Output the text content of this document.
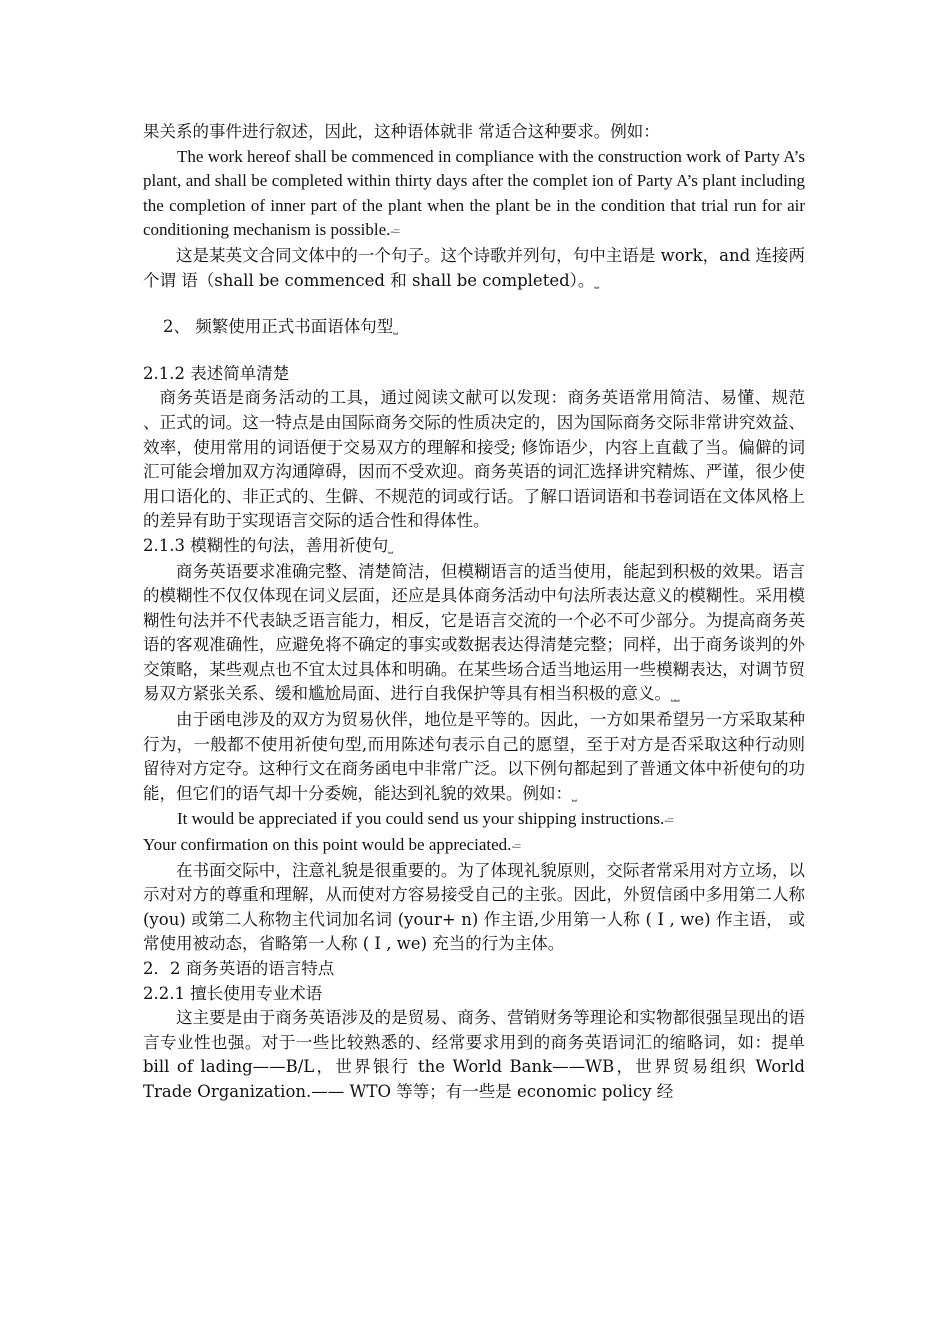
果关系的事件进行叙述，因此，这种语体就非 常适合这种要求。例如：

The work hereof shall be commenced in compliance with the construction work of Party A’s plant, and shall be completed within thirty days after the complet ion of Party A’s plant including the completion of inner part of the plant when the plant be in the condition that trial run for air conditioning mechanism is possible.-=

这是某英文合同文体中的一个句子。这个诗歌并列句，句中主语是 work，and 连接两个谓 语（shall be commenced 和 shall be completed）。⎵

2、 频繁使用正式书面语体句型⎵

2.1.2 表述简单清楚

商务英语是商务活动的工具，通过阅读文献可以发现：商务英语常用简洁、易懂、规范 、正式的词。这一特点是由国际商务交际的性质决定的，因为国际商务交际非常讲究效益、效率，使用常用的词语便于交易双方的理解和接受; 修饰语少，内容上直截了当。偏僻的词 汇可能会增加双方沟通障碍，因而不受欢迎。商务英语的词汇选择讲究精炼、严谨，很少使 用口语化的、非正式的、生僻、不规范的词或行话。了解口语词语和书卷词语在文体风格上 的差异有助于实现语言交际的适合性和得体性。

2.1.3 模糊性的句法，善用祈使句⎵

商务英语要求准确完整、清楚简洁，但模糊语言的适当使用，能起到积极的效果。语言 的模糊性不仅仅体现在词义层面，还应是具体商务活动中句法所表达意义的模糊性。采用模 糊性句法并不代表缺乏语言能力，相反，它是语言交流的一个必不可少部分。为提高商务英 语的客观准确性，应避免将不确定的事实或数据表达得清楚完整；同样，出于商务谈判的外 交策略，某些观点也不宜太过具体和明确。在某些场合适当地运用一些模糊表达，对调节贸 易双方紧张关系、缓和尴尬局面、进行自我保护等具有相当积极的意义。⎵⎵

由于函电涉及的双方为贸易伙伴，地位是平等的。因此，一方如果希望另一方采取某种 行为，一般都不使用祈使句型,而用陈述句表示自己的愿望，至于对方是否采取这种行动则 留待对方定夺。这种行文在商务函电中非常广泛。以下例句都起到了普通文体中祈使句的功 能，但它们的语气却十分委婉，能达到礼貌的效果。例如：⎵

It would be appreciated if you could send us your shipping instructions.-=

Your confirmation on this point would be appreciated.-=

在书面交际中，注意礼貌是很重要的。为了体现礼貌原则，交际者常采用对方立场，以 示对对方的尊重和理解，从而使对方容易接受自己的主张。因此，外贸信函中多用第二人称 (you) 或第二人称物主代词加名词 (your+ n) 作主语,少用第一人称 ( I , we) 作主语， 或常使用被动态，省略第一人称 ( I , we) 充当的行为主体。

2．2 商务英语的语言特点

2.2.1 擅长使用专业术语

这主要是由于商务英语涉及的是贸易、商务、营销财务等理论和实物都很强呈现出的语言专业性也强。对于一些比较熟悉的、经常要求用到的商务英语词汇的缩略词，如：提单 bill of lading——B/L，世界银行 the World Bank——WB，世界贸易组织 World Trade Organization.—— WTO 等等；有一些是 economic policy 经
